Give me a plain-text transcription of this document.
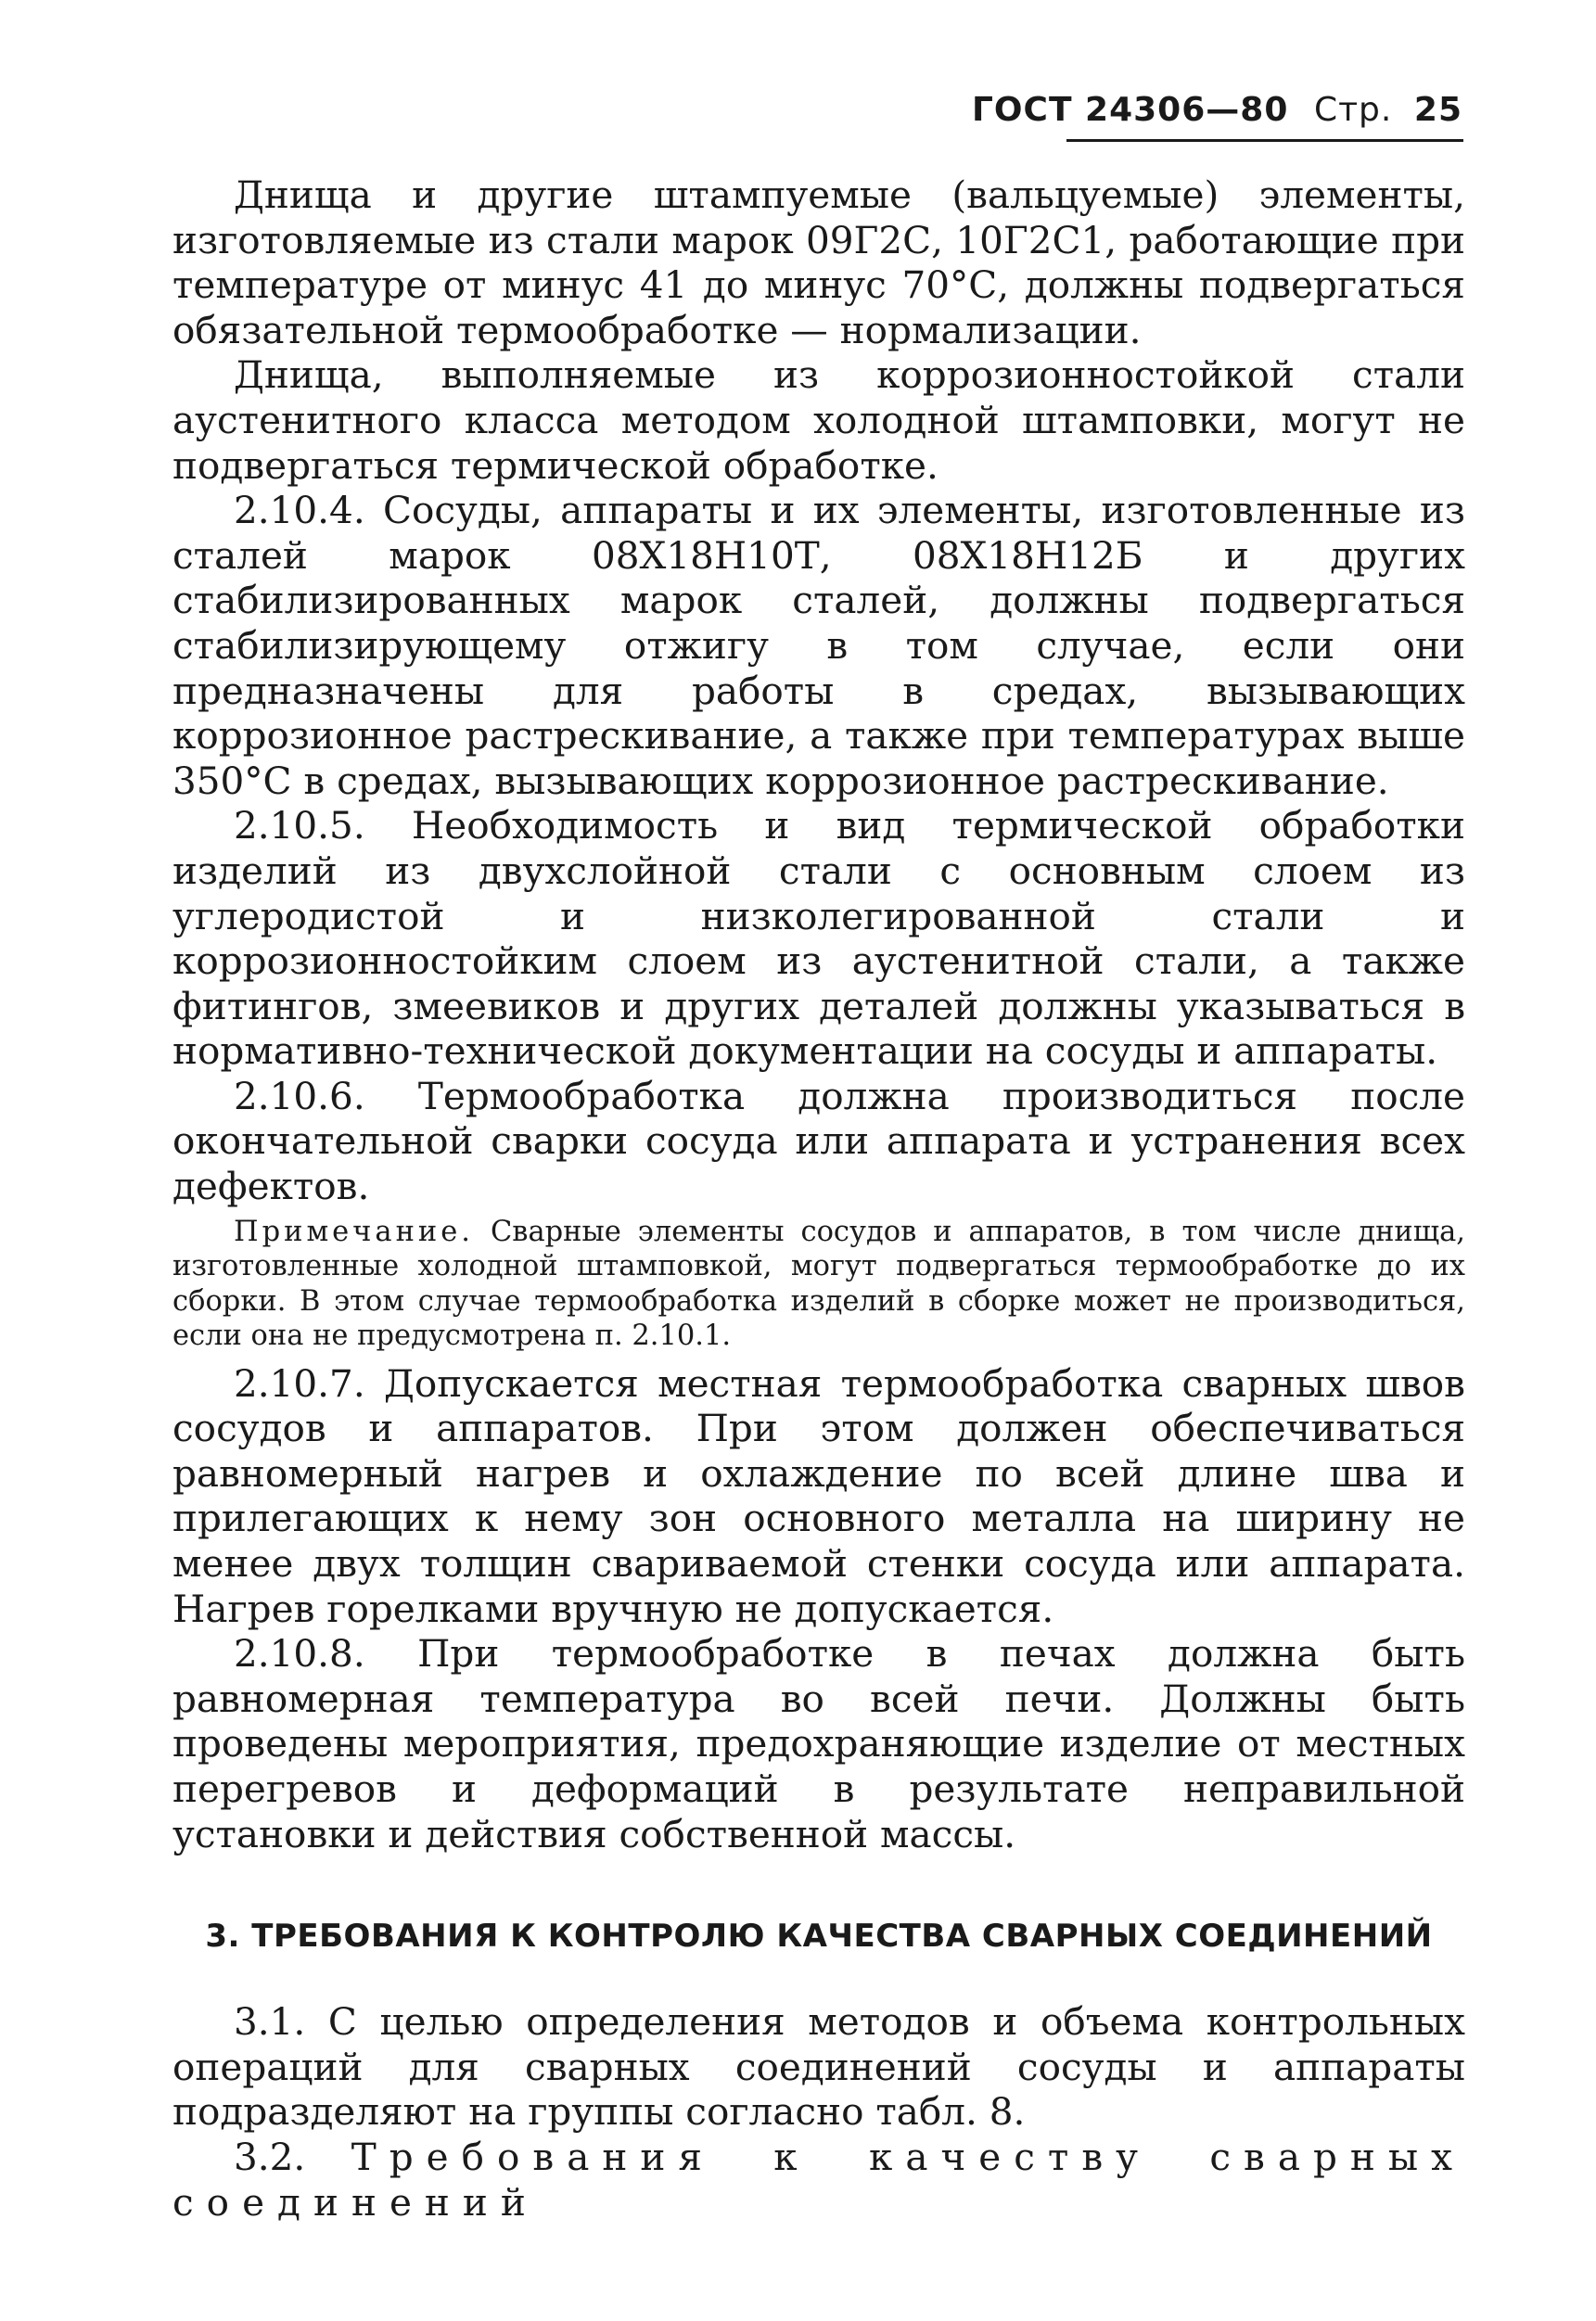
ГОСТ 24306—80 Стр. 25

Днища и другие штампуемые (вальцуемые) элементы, изготовляемые из стали марок 09Г2С, 10Г2С1, работающие при температуре от минус 41 до минус 70°С, должны подвергаться обязательной термообработке — нормализации.

Днища, выполняемые из коррозионностойкой стали аустенитного класса методом холодной штамповки, могут не подвергаться термической обработке.

2.10.4. Сосуды, аппараты и их элементы, изготовленные из сталей марок 08Х18Н10Т, 08Х18Н12Б и других стабилизированных марок сталей, должны подвергаться стабилизирующему отжигу в том случае, если они предназначены для работы в средах, вызывающих коррозионное растрескивание, а также при температурах выше 350°С в средах, вызывающих коррозионное растрескивание.

2.10.5. Необходимость и вид термической обработки изделий из двухслойной стали с основным слоем из углеродистой и низколегированной стали и коррозионностойким слоем из аустенитной стали, а также фитингов, змеевиков и других деталей должны указываться в нормативно-технической документации на сосуды и аппараты.

2.10.6. Термообработка должна производиться после окончательной сварки сосуда или аппарата и устранения всех дефектов.

Примечание. Сварные элементы сосудов и аппаратов, в том числе днища, изготовленные холодной штамповкой, могут подвергаться термообработке до их сборки. В этом случае термообработка изделий в сборке может не производиться, если она не предусмотрена п. 2.10.1.

2.10.7. Допускается местная термообработка сварных швов сосудов и аппаратов. При этом должен обеспечиваться равномерный нагрев и охлаждение по всей длине шва и прилегающих к нему зон основного металла на ширину не менее двух толщин свариваемой стенки сосуда или аппарата. Нагрев горелками вручную не допускается.

2.10.8. При термообработке в печах должна быть равномерная температура во всей печи. Должны быть проведены мероприятия, предохраняющие изделие от местных перегревов и деформаций в результате неправильной установки и действия собственной массы.

3. ТРЕБОВАНИЯ К КОНТРОЛЮ КАЧЕСТВА СВАРНЫХ СОЕДИНЕНИЙ

3.1. С целью определения методов и объема контрольных операций для сварных соединений сосуды и аппараты подразделяют на группы согласно табл. 8.

3.2. Требования к качеству сварных соединений
